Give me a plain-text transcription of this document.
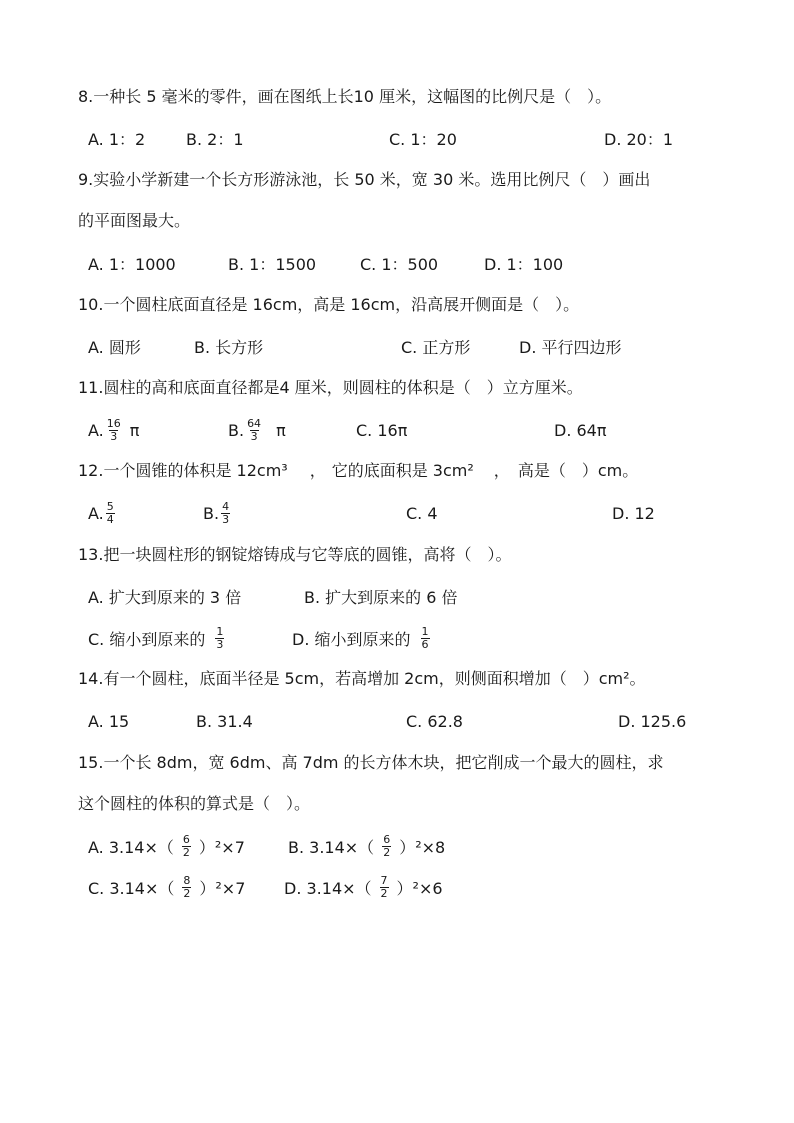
8.一种长 5 毫米的零件，画在图纸上长10 厘米，这幅图的比例尺是（　）。
A. 1：2	B. 2：1	C. 1：20	D. 20：1
9.实验小学新建一个长方形游泳池，长 50 米，宽 30 米。选用比例尺（　）画出
的平面图最大。
A. 1：1000	B. 1：1500	C. 1：500	D. 1：100
10.一个圆柱底面直径是 16cm，高是 16cm，沿高展开侧面是（　）。
A. 圆形	B. 长方形	C. 正方形	D. 平行四边形
11.圆柱的高和底面直径都是4 厘米，则圆柱的体积是（　）立方厘米。
A. $\frac{16}{3}$ π	B. $\frac{64}{3}$ π	C. 16π	D. 64π
12.一个圆锥的体积是 12cm³ ， 它的底面积是 3cm² ， 高是（　）cm。
A. $\frac{5}{4}$	B. $\frac{4}{3}$	C. 4	D. 12
13.把一块圆柱形的钢锭熔铸成与它等底的圆锥，高将（　）。
A. 扩大到原来的 3 倍	B. 扩大到原来的 6 倍
C. 缩小到原来的 $\frac{1}{3}$	D. 缩小到原来的 $\frac{1}{6}$
14.有一个圆柱，底面半径是 5cm，若高增加 2cm，则侧面积增加（　）cm²。
A. 15	B. 31.4	C. 62.8	D. 125.6
15.一个长 8dm，宽 6dm、高 7dm 的长方体木块，把它削成一个最大的圆柱，求
这个圆柱的体积的算式是（　）。
A. $3.14\times( \frac{6}{2} )^2\times 7$	B. $3.14\times( \frac{6}{2} )^2\times 8$
C. $3.14\times( \frac{8}{2} )^2\times 7$ D. $3.14\times( \frac{7}{2} )^2\times 6$
